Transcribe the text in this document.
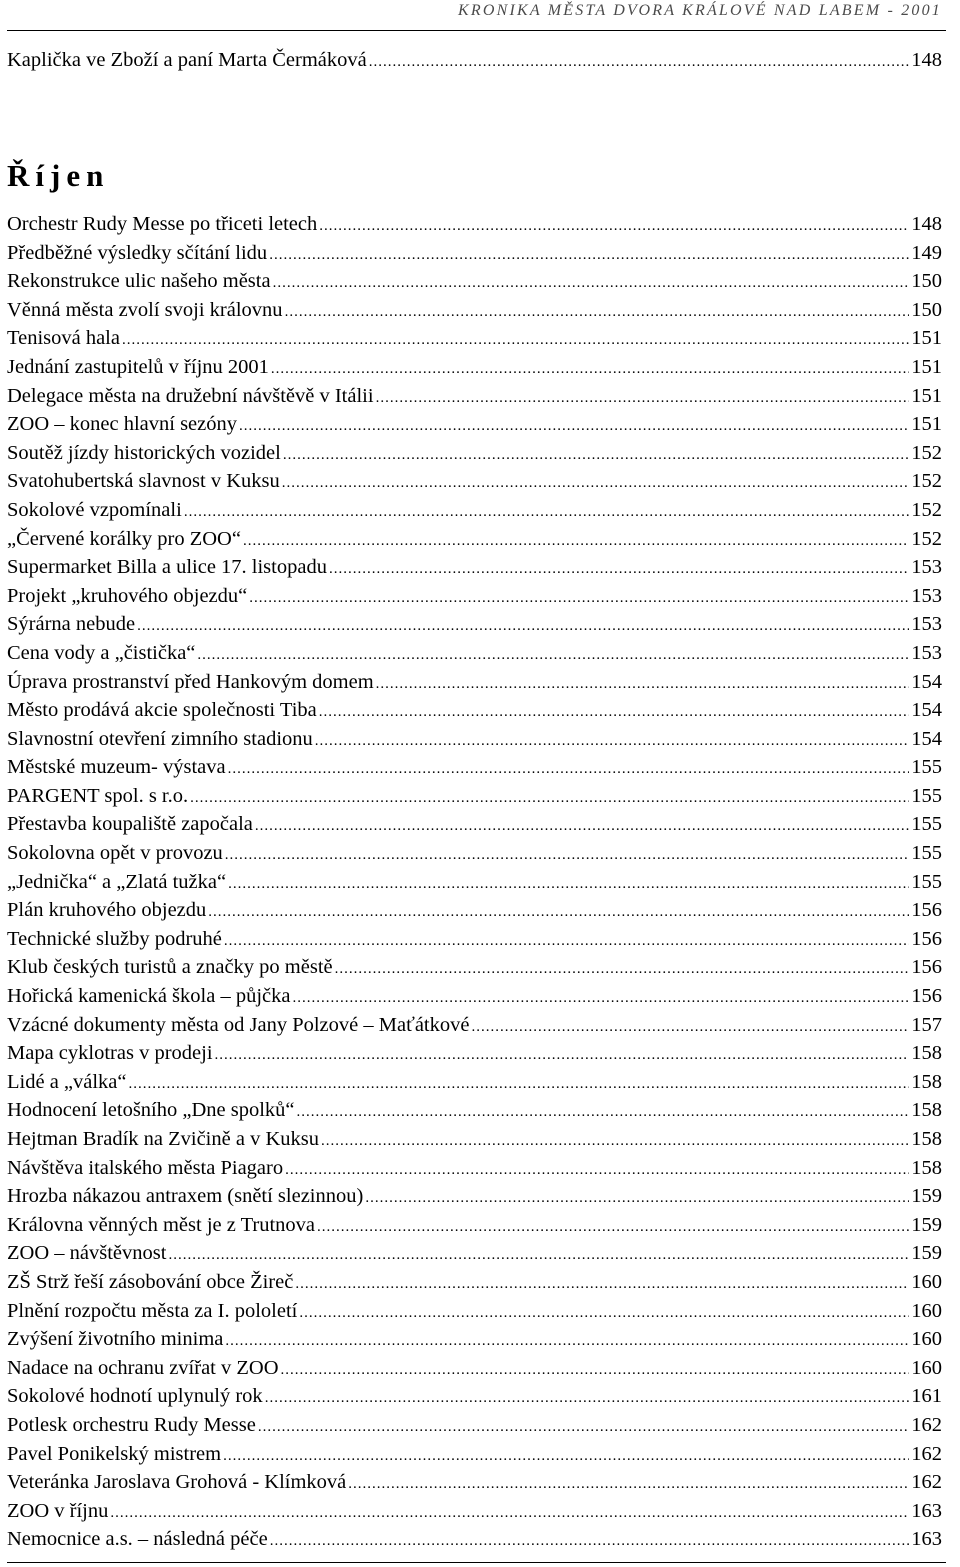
KRONIKA MĚSTA DVORA KRÁLOVÉ NAD LABEM - 2001
Kaplička ve Zboží a paní Marta Čermáková .....	148
Říjen
Orchestr Rudy Messe po třiceti letech .....	148
Předběžné výsledky sčítání lidu .....	149
Rekonstrukce ulic našeho města .....	150
Věnná města zvolí svoji královnu .....	150
Tenisová hala .....	151
Jednání zastupitelů v říjnu 2001 .....	151
Delegace města na družební návštěvě v Itálii .....	151
ZOO – konec hlavní sezóny .....	151
Soutěž jízdy historických vozidel .....	152
Svatohubertská slavnost v Kuksu .....	152
Sokolové vzpomínali .....	152
„Červené korálky pro ZOO“ .....	152
Supermarket Billa a ulice 17. listopadu .....	153
Projekt „kruhového objezdu“ .....	153
Sýrárna nebude .....	153
Cena vody a „čistička“ .....	153
Úprava prostranství před Hankovým domem .....	154
Město prodává akcie společnosti Tiba .....	154
Slavnostní otevření zimního stadionu .....	154
Městské muzeum- výstava .....	155
PARGENT spol. s r.o. .....	155
Přestavba koupaliště započala .....	155
Sokolovna opět v provozu .....	155
„Jednička“ a „Zlatá tužka“ .....	155
Plán kruhového objezdu .....	156
Technické služby podruhé .....	156
Klub českých turistů a značky po městě .....	156
Hořická kamenická škola – půjčka .....	156
Vzácné dokumenty města od Jany Polzové – Maťátkové .....	157
Mapa cyklotras v prodeji .....	158
Lidé a „válka“ .....	158
Hodnocení letošního „Dne spolků“ .....	158
Hejtman Bradík na Zvičině a v Kuksu .....	158
Návštěva italského města Piagaro .....	158
Hrozba nákazou antraxem (snětí slezinnou) .....	159
Královna věnných měst je z Trutnova .....	159
ZOO – návštěvnost .....	159
ZŠ Strž řeší zásobování obce Žireč .....	160
Plnění rozpočtu města za I. pololetí .....	160
Zvýšení životního minima .....	160
Nadace na ochranu zvířat v ZOO .....	160
Sokolové hodnotí uplynulý rok .....	161
Potlesk orchestru Rudy Messe .....	162
Pavel Ponikelský mistrem .....	162
Veteránka Jaroslava Grohová - Klímková .....	162
ZOO v říjnu .....	163
Nemocnice a.s. – následná péče .....	163
